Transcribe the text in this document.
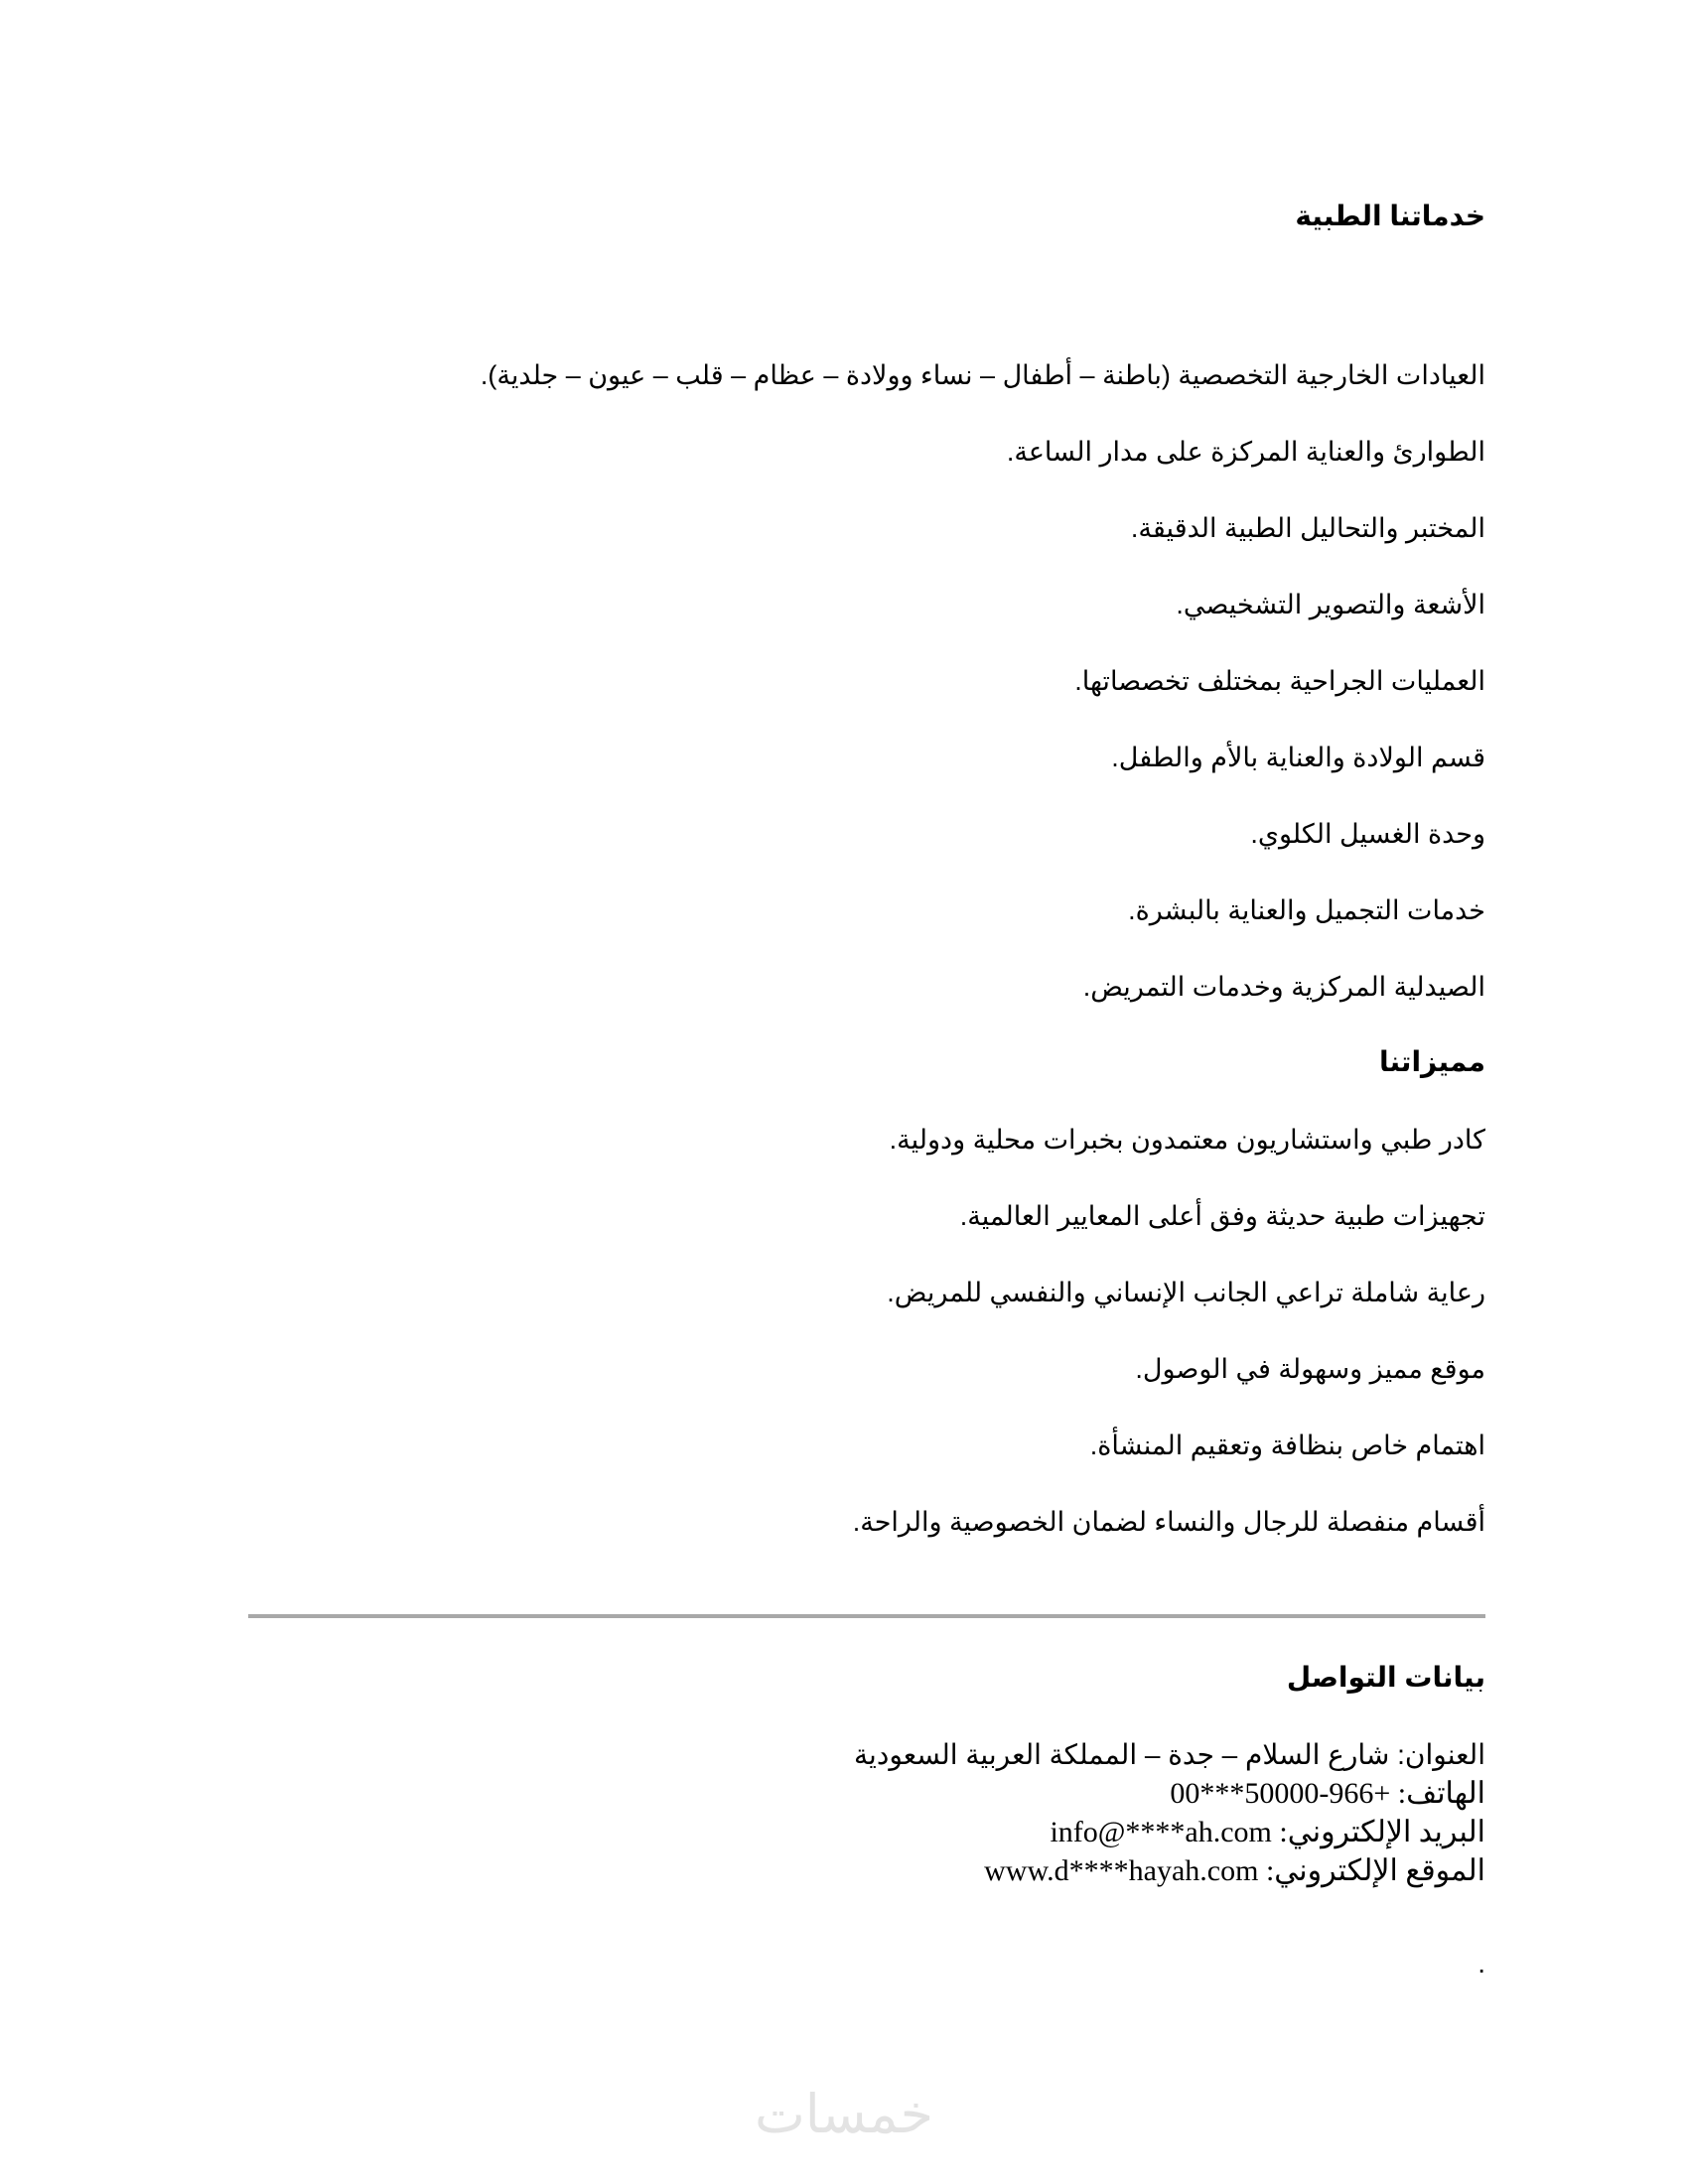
خدماتنا الطبية
العيادات الخارجية التخصصية (باطنة – أطفال – نساء وولادة – عظام – قلب – عيون – جلدية).
الطوارئ والعناية المركزة على مدار الساعة.
المختبر والتحاليل الطبية الدقيقة.
الأشعة والتصوير التشخيصي.
العمليات الجراحية بمختلف تخصصاتها.
قسم الولادة والعناية بالأم والطفل.
وحدة الغسيل الكلوي.
خدمات التجميل والعناية بالبشرة.
الصيدلية المركزية وخدمات التمريض.
مميزاتنا
كادر طبي واستشاريون معتمدون بخبرات محلية ودولية.
تجهيزات طبية حديثة وفق أعلى المعايير العالمية.
رعاية شاملة تراعي الجانب الإنساني والنفسي للمريض.
موقع مميز وسهولة في الوصول.
اهتمام خاص بنظافة وتعقيم المنشأة.
أقسام منفصلة للرجال والنساء لضمان الخصوصية والراحة.
بيانات التواصل
العنوان: شارع السلام – جدة – المملكة العربية السعودية
الهاتف: +966-50000***00
البريد الإلكتروني: info@****ah.com
الموقع الإلكتروني: www.d****hayah.com
.
خمسات
